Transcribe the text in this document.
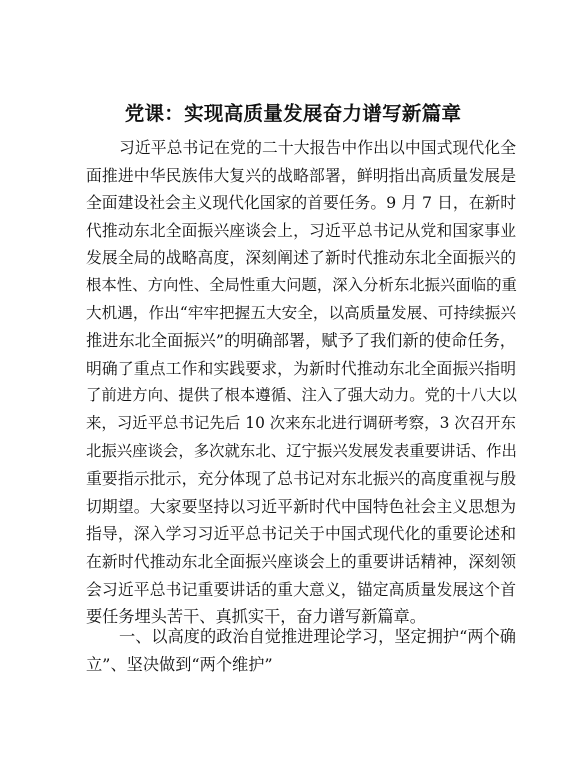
党课：实现高质量发展奋力谱写新篇章
习近平总书记在党的二十大报告中作出以中国式现代化全
面推进中华民族伟大复兴的战略部署，鲜明指出高质量发展是
全面建设社会主义现代化国家的首要任务。9 月 7 日，在新时
代推动东北全面振兴座谈会上，习近平总书记从党和国家事业
发展全局的战略高度，深刻阐述了新时代推动东北全面振兴的
根本性、方向性、全局性重大问题，深入分析东北振兴面临的重
大机遇，作出“牢牢把握五大安全，以高质量发展、可持续振兴
推进东北全面振兴”的明确部署，赋予了我们新的使命任务，
明确了重点工作和实践要求，为新时代推动东北全面振兴指明
了前进方向、提供了根本遵循、注入了强大动力。党的十八大以
来，习近平总书记先后 10 次来东北进行调研考察，3 次召开东
北振兴座谈会，多次就东北、辽宁振兴发展发表重要讲话、作出
重要指示批示，充分体现了总书记对东北振兴的高度重视与殷
切期望。大家要坚持以习近平新时代中国特色社会主义思想为
指导，深入学习习近平总书记关于中国式现代化的重要论述和
在新时代推动东北全面振兴座谈会上的重要讲话精神，深刻领
会习近平总书记重要讲话的重大意义，锚定高质量发展这个首
要任务埋头苦干、真抓实干，奋力谱写新篇章。
一、以高度的政治自觉推进理论学习，坚定拥护“两个确
立”、坚决做到“两个维护”
